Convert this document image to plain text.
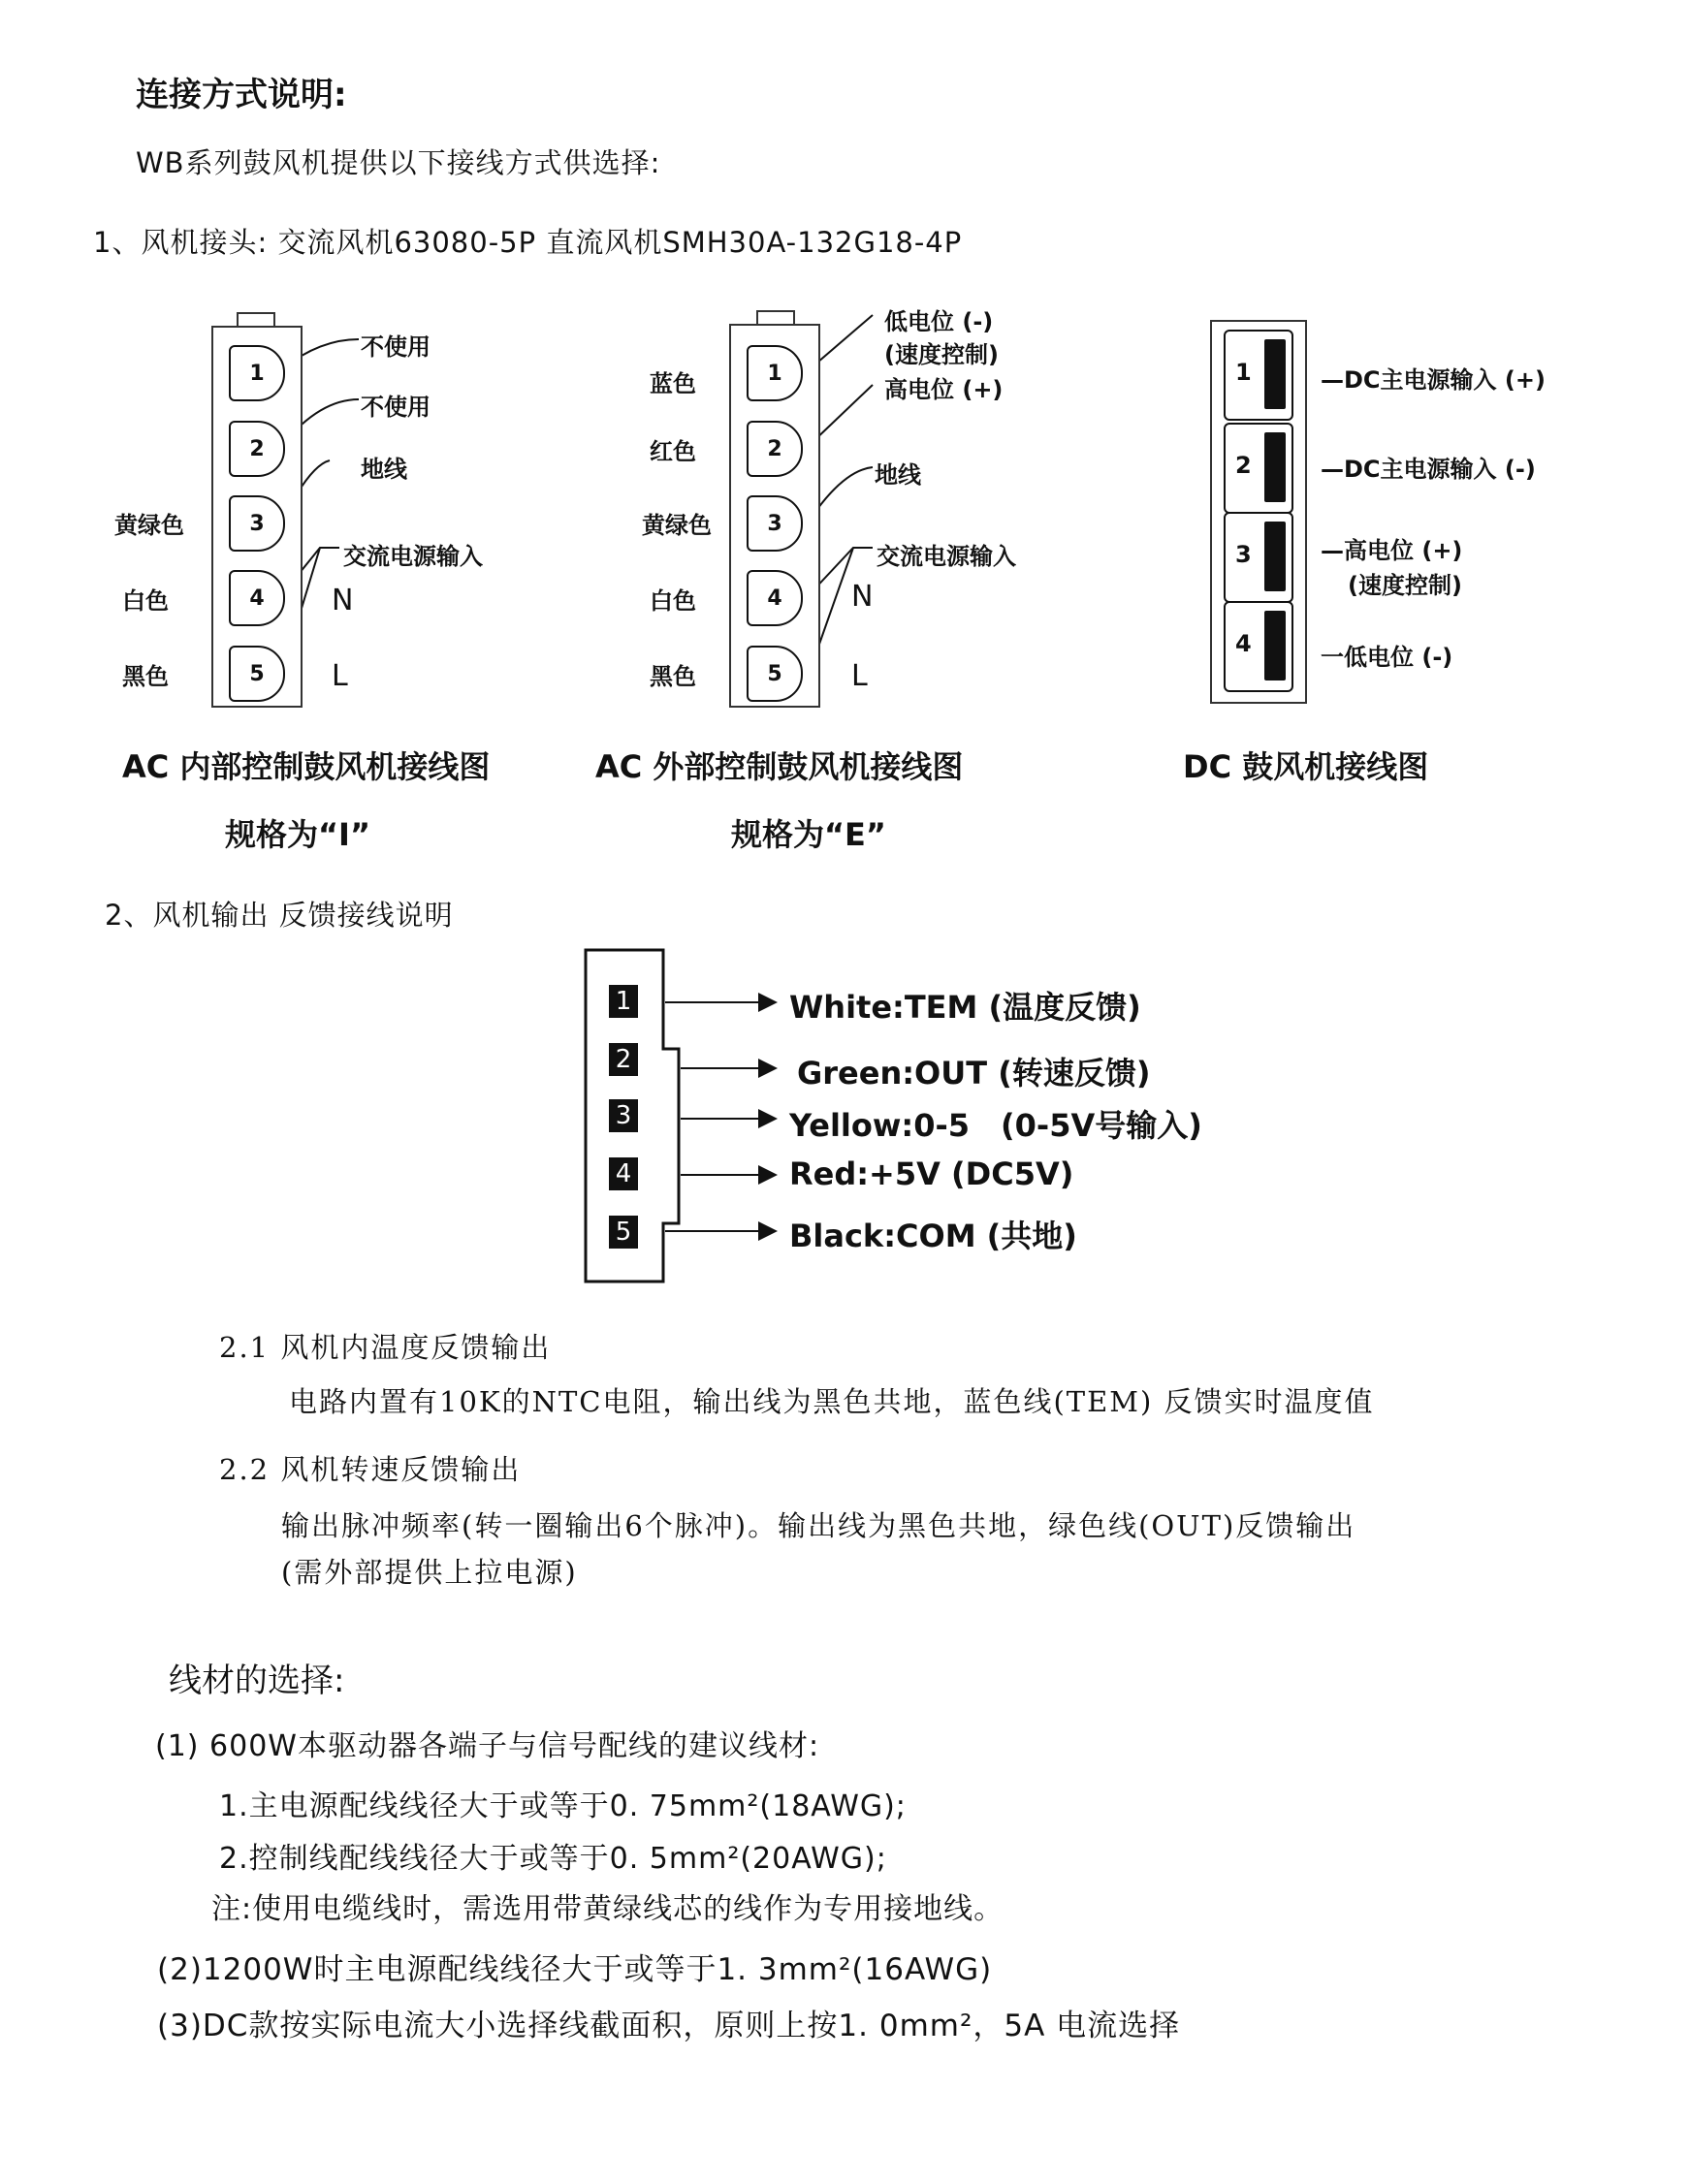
连接方式说明:
WB系列鼓风机提供以下接线方式供选择:
1、风机接头: 交流风机63080-5P 直流风机SMH30A-132G18-4P
1
2
3
4
5
黄绿色
白色
黑色
不使用
不使用
地线
交流电源输入
N
L
AC 内部控制鼓风机接线图
规格为“I”
1
2
3
4
5
蓝色
红色
黄绿色
白色
黑色
低电位 (-)
(速度控制)
高电位 (+)
地线
交流电源输入
N
L
AC 外部控制鼓风机接线图
规格为“E”
1
2
3
4
—DC主电源输入 (+)
—DC主电源输入 (-)
—高电位 (+)
(速度控制)
一低电位 (-)
DC 鼓风机接线图
2、风机输出 反馈接线说明
1
2
3
4
5
White:TEM (温度反馈)
Green:OUT (转速反馈)
Yellow:0-5　(0-5V号输入)
Red:+5V (DC5V)
Black:COM (共地)
2.1 风机内温度反馈输出
电路内置有10K的NTC电阻，输出线为黑色共地，蓝色线(TEM) 反馈实时温度值
2.2 风机转速反馈输出
输出脉冲频率(转一圈输出6个脉冲)。输出线为黑色共地，绿色线(OUT)反馈输出
(需外部提供上拉电源)
线材的选择:
(1) 600W本驱动器各端子与信号配线的建议线材:
1.主电源配线线径大于或等于0. 75mm²(18AWG);
2.控制线配线线径大于或等于0. 5mm²(20AWG);
注:使用电缆线时，需选用带黄绿线芯的线作为专用接地线。
(2)1200W时主电源配线线径大于或等于1. 3mm²(16AWG)
(3)DC款按实际电流大小选择线截面积，原则上按1. 0mm²，5A 电流选择
